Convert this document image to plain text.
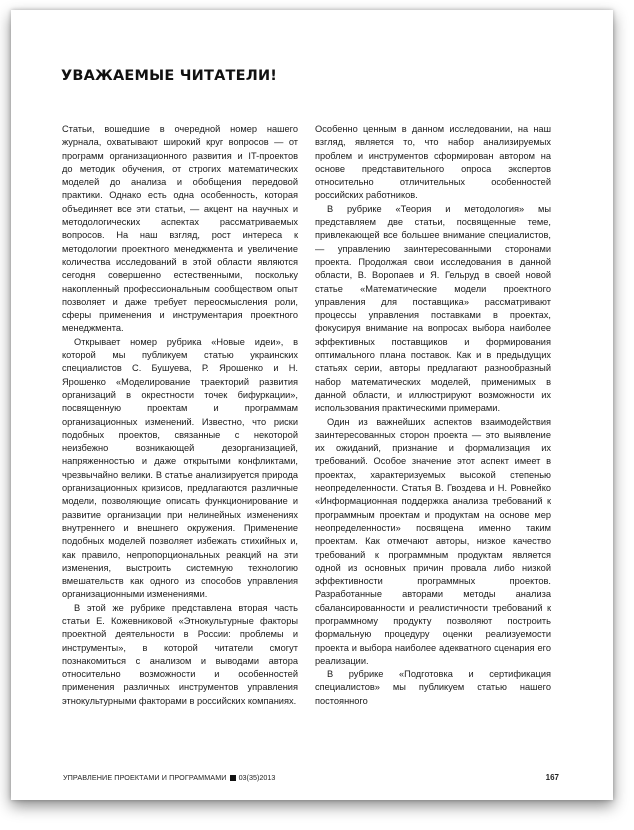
УВАЖАЕМЫЕ ЧИТАТЕЛИ!

Статьи, вошедшие в очередной номер нашего журнала, охватывают широкий круг вопросов — от программ организационного развития и IT-проектов до методик обучения, от строгих математических моделей до анализа и обобщения передовой практики. Однако есть одна особенность, которая объединяет все эти статьи, — акцент на научных и методологических аспектах рассматриваемых вопросов. На наш взгляд, рост интереса к методологии проектного менеджмента и увеличение количества исследований в этой области являются сегодня совершенно естественными, поскольку накопленный профессиональным сообществом опыт позволяет и даже требует переосмысления роли, сферы применения и инструментария проектного менеджмента.

Открывает номер рубрика «Новые идеи», в которой мы публикуем статью украинских специалистов С. Бушуева, Р. Ярошенко и Н. Ярошенко «Моделирование траекторий развития организаций в окрестности точек бифуркации», посвященную проектам и программам организационных изменений. Известно, что риски подобных проектов, связанные с некоторой неизбежно возникающей дезорганизацией, напряженностью и даже открытыми конфликтами, чрезвычайно велики. В статье анализируется природа организационных кризисов, предлагаются различные модели, позволяющие описать функционирование и развитие организации при нелинейных изменениях внутреннего и внешнего окружения. Применение подобных моделей позволяет избежать стихийных и, как правило, непропорциональных реакций на эти изменения, выстроить системную технологию вмешательств как одного из способов управления организационными изменениями.

В этой же рубрике представлена вторая часть статьи Е. Кожевниковой «Этнокультурные факторы проектной деятельности в России: проблемы и инструменты», в которой читатели смогут познакомиться с анализом и выводами автора относительно возможности и особенностей применения различных инструментов управления этнокультурными факторами в российских компаниях.

Особенно ценным в данном исследовании, на наш взгляд, является то, что набор анализируемых проблем и инструментов сформирован автором на основе представительного опроса экспертов относительно отличительных особенностей российских работников.

В рубрике «Теория и методология» мы представляем две статьи, посвященные теме, привлекающей все большее внимание специалистов, — управлению заинтересованными сторонами проекта. Продолжая свои исследования в данной области, В. Воропаев и Я. Гельруд в своей новой статье «Математические модели проектного управления для поставщика» рассматривают процессы управления поставками в проектах, фокусируя внимание на вопросах выбора наиболее эффективных поставщиков и формирования оптимального плана поставок. Как и в предыдущих статьях серии, авторы предлагают разнообразный набор математических моделей, применимых в данной области, и иллюстрируют возможности их использования практическими примерами.

Один из важнейших аспектов взаимодействия заинтересованных сторон проекта — это выявление их ожиданий, признание и формализация их требований. Особое значение этот аспект имеет в проектах, характеризуемых высокой степенью неопределенности. Статья В. Гвоздева и Н. Ровнейко «Информационная поддержка анализа требований к программным проектам и продуктам на основе мер неопределенности» посвящена именно таким проектам. Как отмечают авторы, низкое качество требований к программным продуктам является одной из основных причин провала либо низкой эффективности программных проектов. Разработанные авторами методы анализа сбалансированности и реалистичности требований к программному продукту позволяют построить формальную процедуру оценки реализуемости проекта и выбора наиболее адекватного сценария его реализации.

В рубрике «Подготовка и сертификация специалистов» мы публикуем статью нашего постоянного

УПРАВЛЕНИЕ ПРОЕКТАМИ И ПРОГРАММАМИ 03(35)2013	167
